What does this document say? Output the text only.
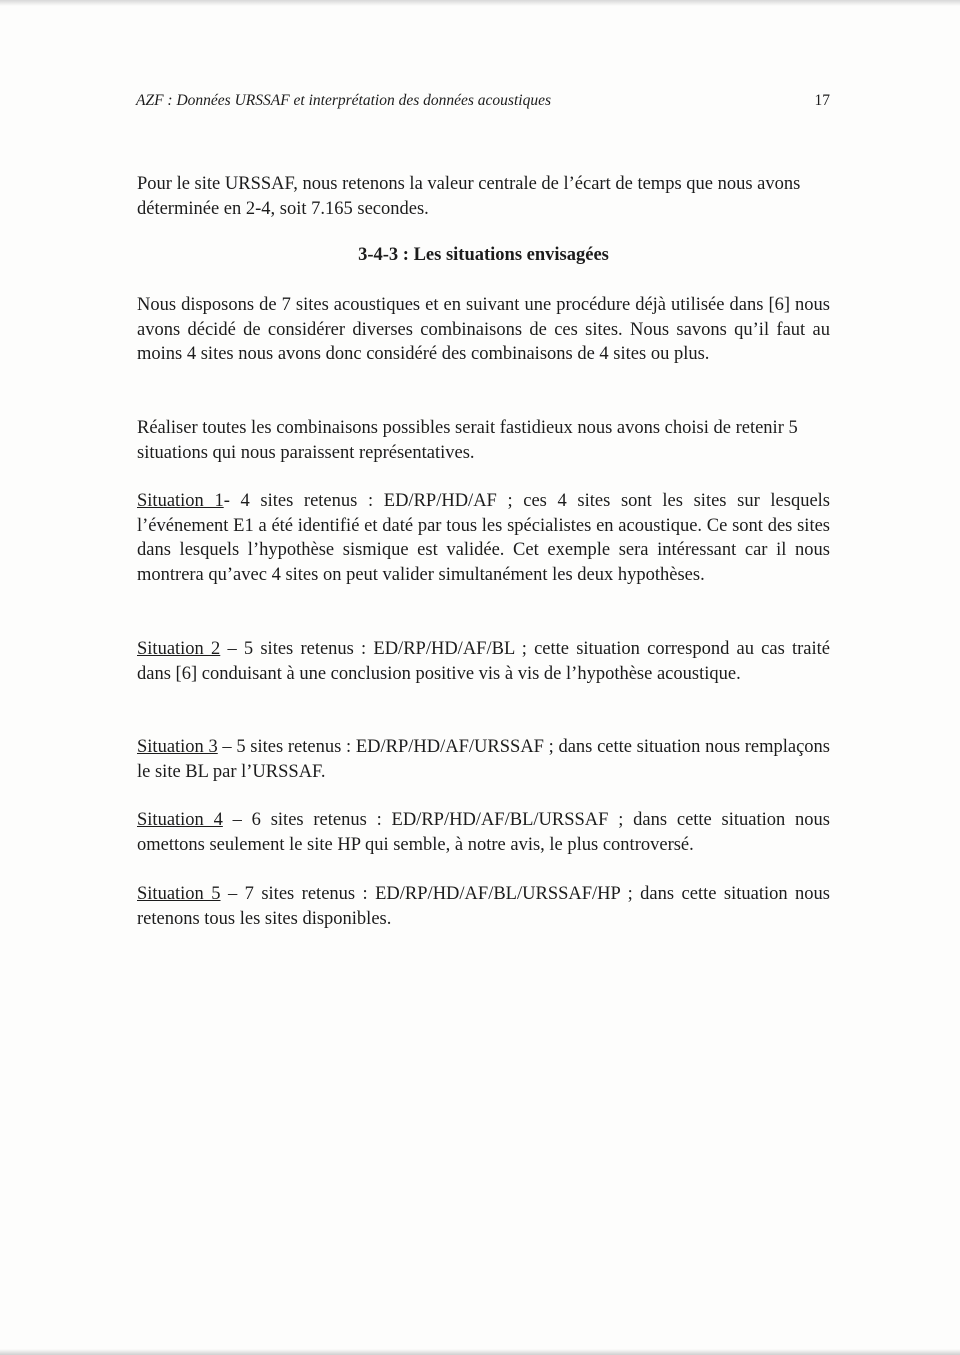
AZF : Données URSSAF et interprétation des données acoustiques	17

Pour le site URSSAF, nous retenons la valeur centrale de l’écart de temps que nous avons déterminée en 2-4, soit 7.165 secondes.

3-4-3 : Les situations envisagées

Nous disposons de 7 sites acoustiques et en suivant une procédure déjà utilisée dans [6] nous avons décidé de considérer diverses combinaisons de ces sites. Nous savons qu’il faut au moins 4 sites nous avons donc considéré des combinaisons de 4 sites ou plus.

Réaliser toutes les combinaisons possibles serait fastidieux nous avons choisi de retenir 5 situations qui nous paraissent représentatives.

Situation 1- 4 sites retenus : ED/RP/HD/AF ; ces 4 sites sont les sites sur lesquels l’événement E1 a été identifié et daté par tous les spécialistes en acoustique. Ce sont des sites dans lesquels l’hypothèse sismique est validée. Cet exemple sera intéressant car il nous montrera qu’avec 4 sites on peut valider simultanément les deux hypothèses.

Situation 2 – 5 sites retenus : ED/RP/HD/AF/BL ; cette situation correspond au cas traité dans [6] conduisant à une conclusion positive vis à vis de l’hypothèse acoustique.

Situation 3 – 5 sites retenus : ED/RP/HD/AF/URSSAF ; dans cette situation nous remplaçons le site BL par l’URSSAF.

Situation 4 – 6 sites retenus : ED/RP/HD/AF/BL/URSSAF ; dans cette situation nous omettons seulement le site HP qui semble, à notre avis, le plus controversé.

Situation 5 – 7 sites retenus : ED/RP/HD/AF/BL/URSSAF/HP ; dans cette situation nous retenons tous les sites disponibles.
